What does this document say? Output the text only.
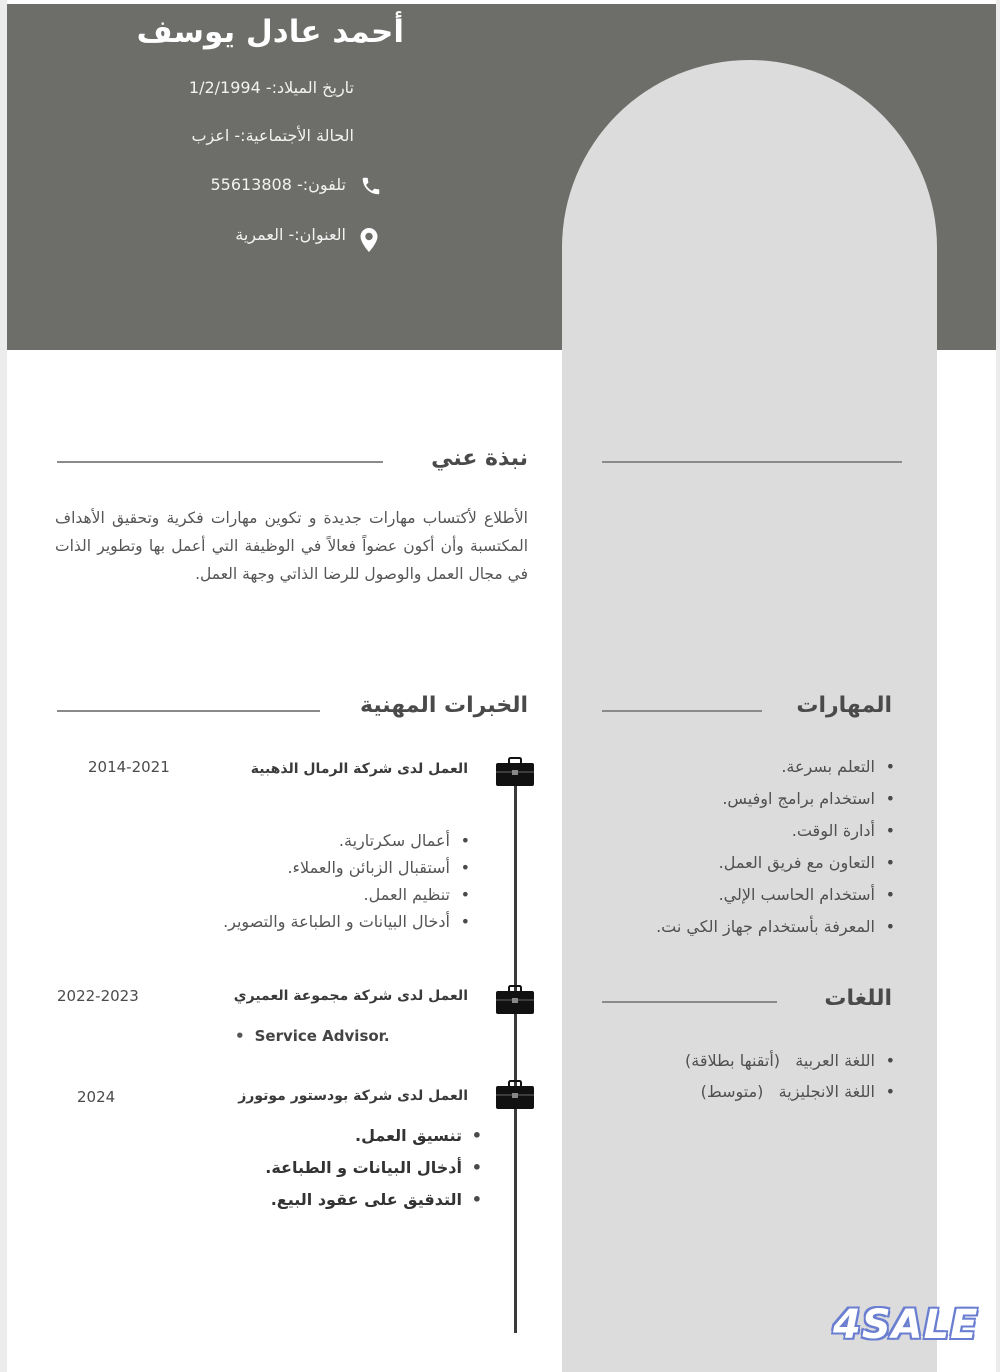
أحمد عادل يوسف
تاريخ الميلاد:- 1/2/1994
الحالة الأجتماعية:- اعزب
تلفون:- 55613808
العنوان:- العمرية
نبذة عني
الأطلاع لأكتساب مهارات جديدة و تكوين مهارات فكرية وتحقيق الأهداف المكتسبة وأن أكون عضواً فعالاً في الوظيفة التي أعمل بها وتطوير الذات في مجال العمل والوصول للرضا الذاتي وجهة العمل.
المهارات
• التعلم بسرعة.
• استخدام برامج اوفيس.
• أدارة الوقت.
• التعاون مع فريق العمل.
• أستخدام الحاسب الإلي.
• المعرفة بأستخدام جهاز الكي نت.
اللغات
• اللغة العربية   (أتقنها بطلاقة)
• اللغة الانجليزية   (متوسط)
الخبرات المهنية
العمل لدى شركة الرمال الذهبية
2014-2021
• أعمال سكرتارية.
• أستقبال الزبائن والعملاء.
• تنظيم العمل.
• أدخال البيانات و الطباعة والتصوير.
العمل لدى شركة مجموعة العميري
2022-2023
• Service Advisor.
العمل لدى شركة بودستور موتورز
2024
• تنسيق العمل.
• أدخال البيانات و الطباعة.
• التدقيق على عقود البيع.
4SALE
